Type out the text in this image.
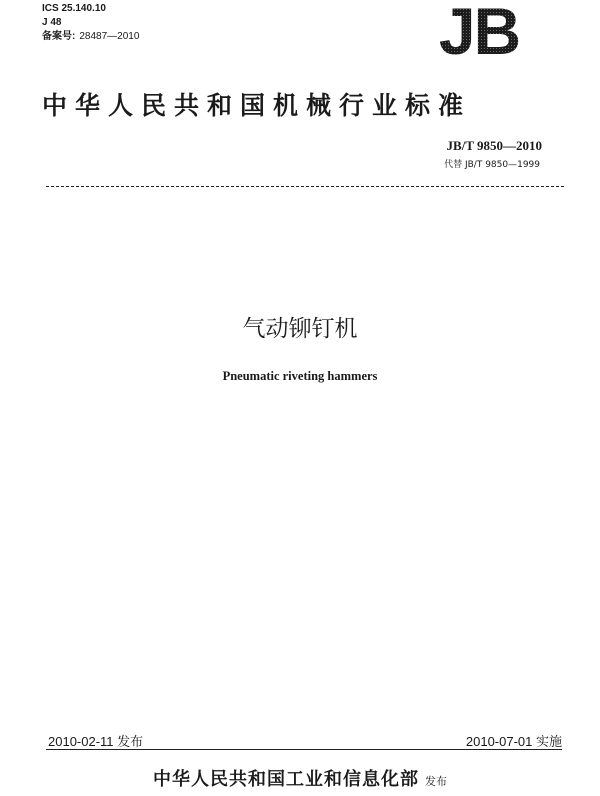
ICS 25.140.10
J 48
备案号: 28487—2010	JB
中华人民共和国机械行业标准
JB/T 9850—2010
代替 JB/T 9850—1999
气动铆钉机
Pneumatic riveting hammers
2010-02-11 发布	2010-07-01 实施
中华人民共和国工业和信息化部 发布
